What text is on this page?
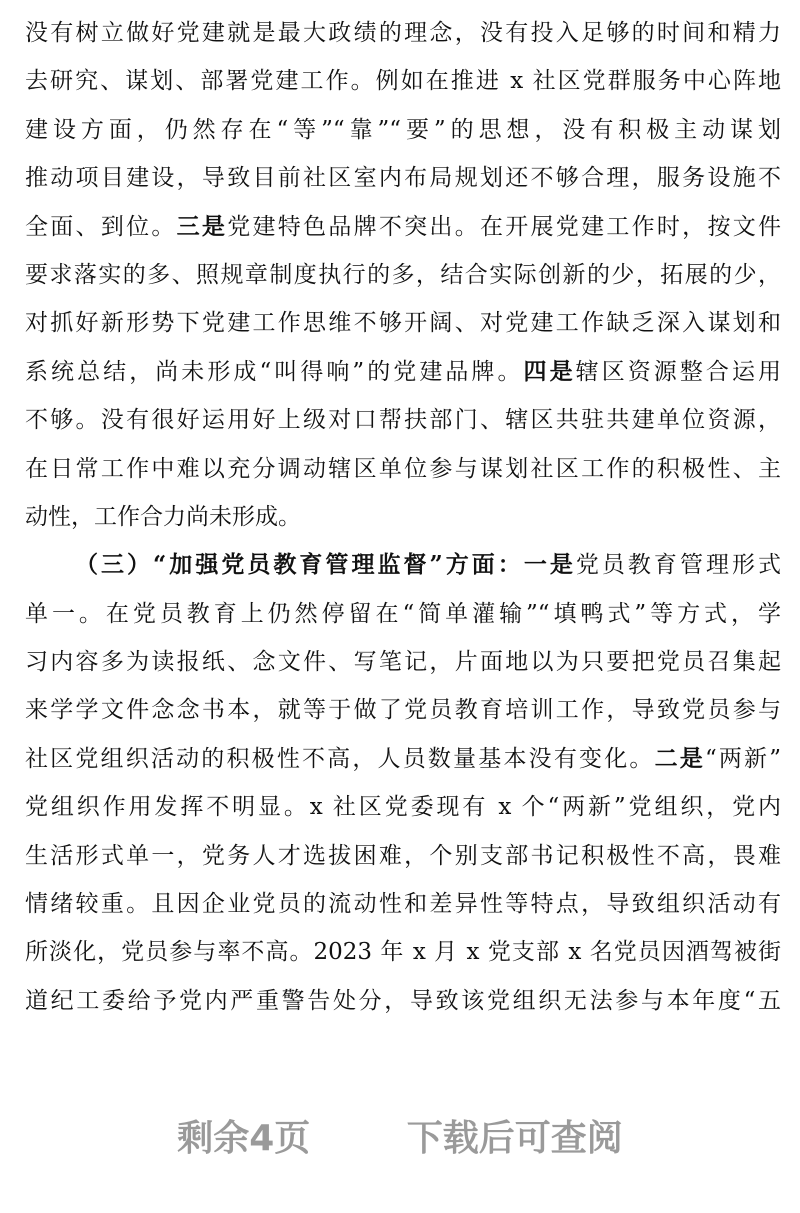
没有树立做好党建就是最大政绩的理念，没有投入足够的时间和精力
去研究、谋划、部署党建工作。例如在推进 x 社区党群服务中心阵地
建设方面，仍然存在“等”“靠”“要”的思想，没有积极主动谋划
推动项目建设，导致目前社区室内布局规划还不够合理，服务设施不
全面、到位。三是党建特色品牌不突出。在开展党建工作时，按文件
要求落实的多、照规章制度执行的多，结合实际创新的少，拓展的少，
对抓好新形势下党建工作思维不够开阔、对党建工作缺乏深入谋划和
系统总结，尚未形成“叫得响”的党建品牌。四是辖区资源整合运用
不够。没有很好运用好上级对口帮扶部门、辖区共驻共建单位资源，
在日常工作中难以充分调动辖区单位参与谋划社区工作的积极性、主
动性，工作合力尚未形成。
（三）“加强党员教育管理监督”方面：一是党员教育管理形式
单一。在党员教育上仍然停留在“简单灌输”“填鸭式”等方式，学
习内容多为读报纸、念文件、写笔记，片面地以为只要把党员召集起
来学学文件念念书本，就等于做了党员教育培训工作，导致党员参与
社区党组织活动的积极性不高，人员数量基本没有变化。二是“两新”
党组织作用发挥不明显。x 社区党委现有 x 个“两新”党组织，党内
生活形式单一，党务人才选拔困难，个别支部书记积极性不高，畏难
情绪较重。且因企业党员的流动性和差异性等特点，导致组织活动有
所淡化，党员参与率不高。2023 年 x 月 x 党支部 x 名党员因酒驾被街
道纪工委给予党内严重警告处分，导致该党组织无法参与本年度“五
剩余4页	下载后可查阅
